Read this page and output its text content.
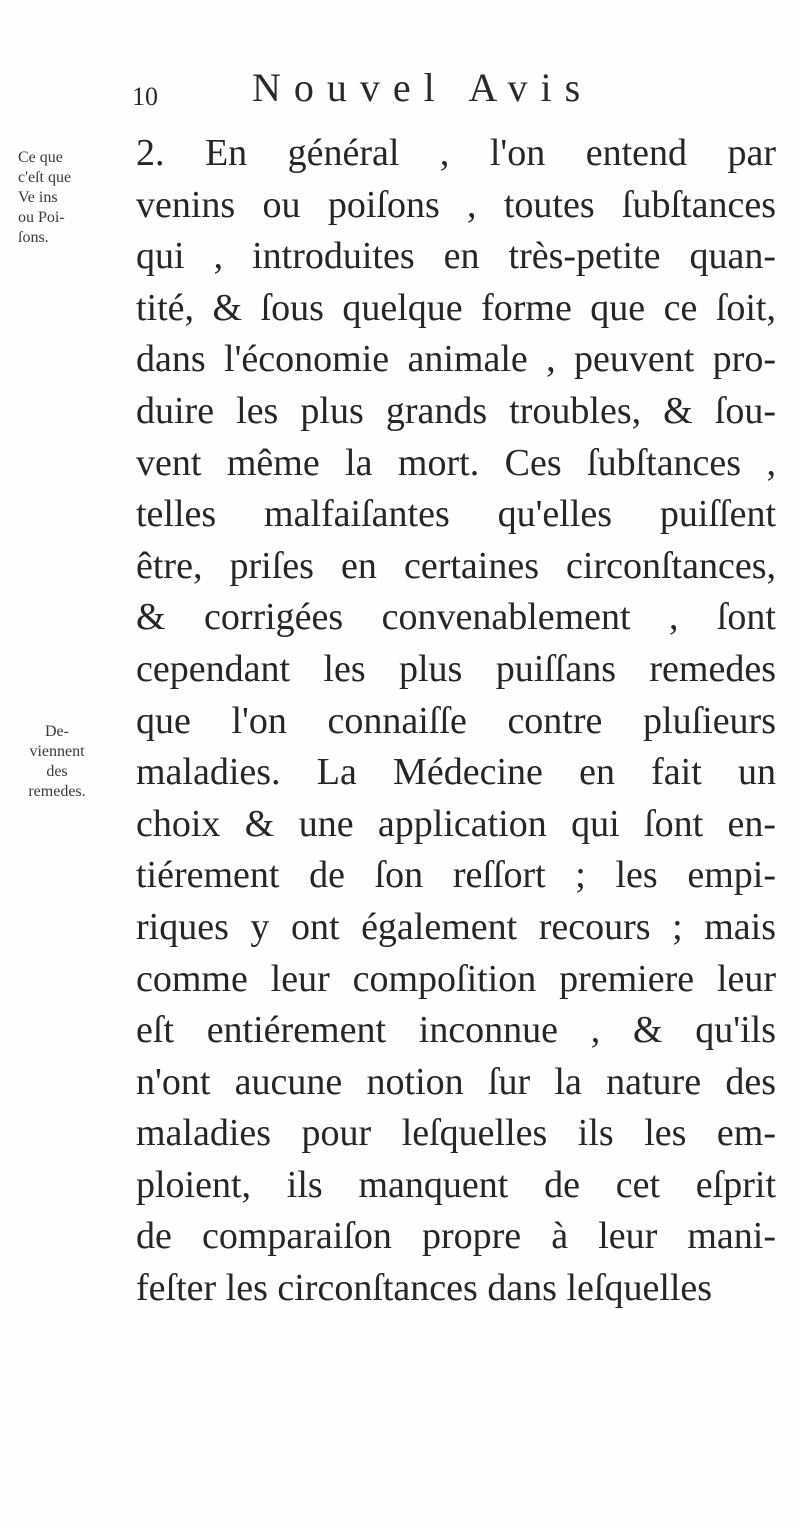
10 Nouvel Avis
Ce que
c'eſt que
Ve ins
ou Poi-
ſons.
De-
viennent
des
remedes.
2. En général , l'on entend par
venins ou poiſons , toutes ſubſtances
qui , introduites en très-petite quan-
tité, & ſous quelque forme que ce ſoit,
dans l'économie animale , peuvent pro-
duire les plus grands troubles, & ſou-
vent même la mort. Ces ſubſtances ,
telles malfaiſantes qu'elles puiſſent
être, priſes en certaines circonſtances,
& corrigées convenablement , ſont
cependant les plus puiſſans remedes
que l'on connaiſſe contre pluſieurs
maladies. La Médecine en fait un
choix & une application qui ſont en-
tiérement de ſon reſſort ; les empi-
riques y ont également recours ; mais
comme leur compoſition premiere leur
eſt entiérement inconnue , & qu'ils
n'ont aucune notion ſur la nature des
maladies pour leſquelles ils les em-
ploient, ils manquent de cet eſprit
de comparaiſon propre à leur mani-
feſter les circonſtances dans leſquelles
